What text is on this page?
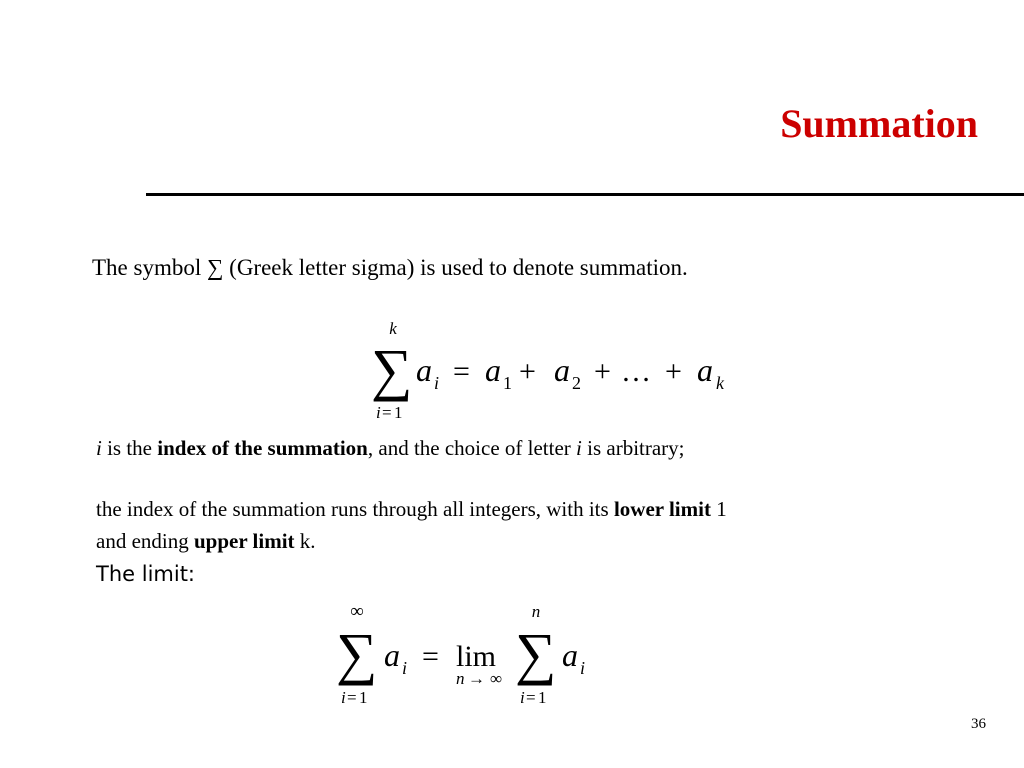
Summation
The symbol ∑ (Greek letter sigma) is used to denote summation.
k
∑
i = 1
a i = a 1 + a 2 + … + a k
i is the index of the summation, and the choice of letter i is arbitrary;
the index of the summation runs through all integers, with its lower limit 1
and ending upper limit k.
The limit:
∞
∑
i = 1
a i = lim
n → ∞
n
∑
i = 1
a i
36
